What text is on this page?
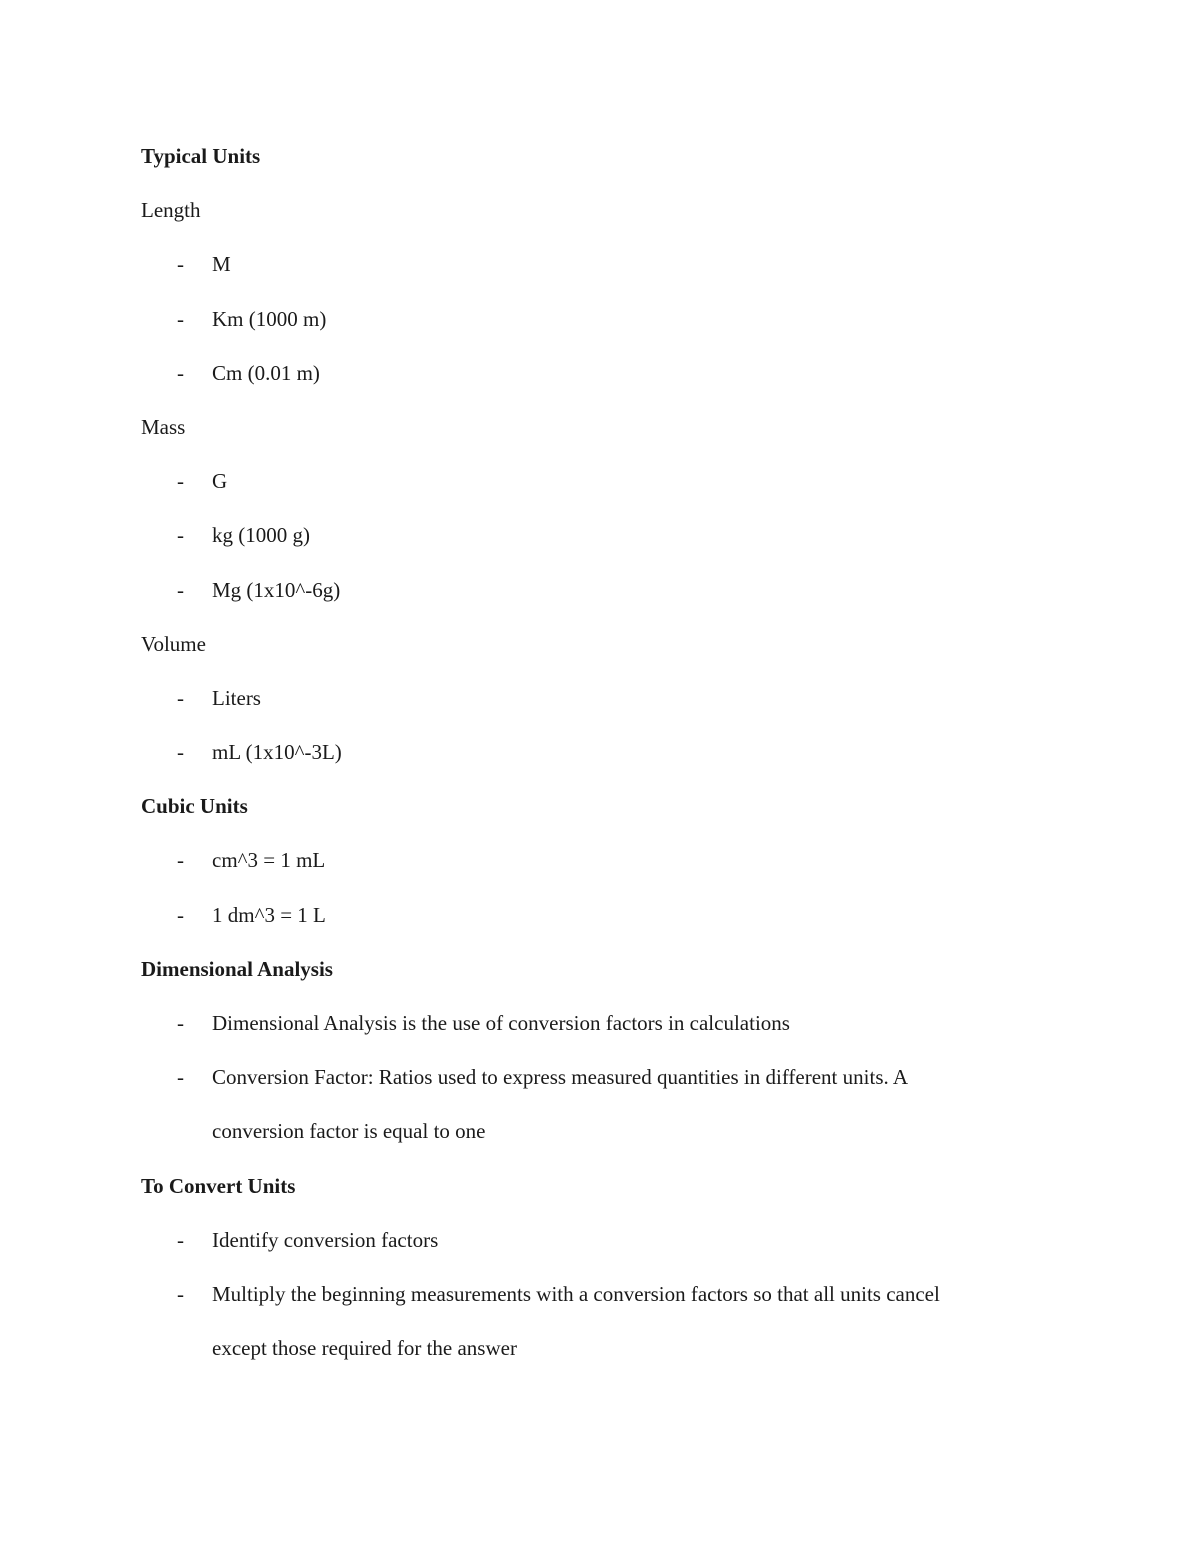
Typical Units
Length
- M
- Km (1000 m)
- Cm (0.01 m)
Mass
- G
- kg (1000 g)
- Mg (1x10^-6g)
Volume
- Liters
- mL (1x10^-3L)
Cubic Units
- cm^3 = 1 mL
- 1 dm^3 = 1 L
Dimensional Analysis
- Dimensional Analysis is the use of conversion factors in calculations
- Conversion Factor: Ratios used to express measured quantities in different units. A
conversion factor is equal to one
To Convert Units
- Identify conversion factors
- Multiply the beginning measurements with a conversion factors so that all units cancel
except those required for the answer
